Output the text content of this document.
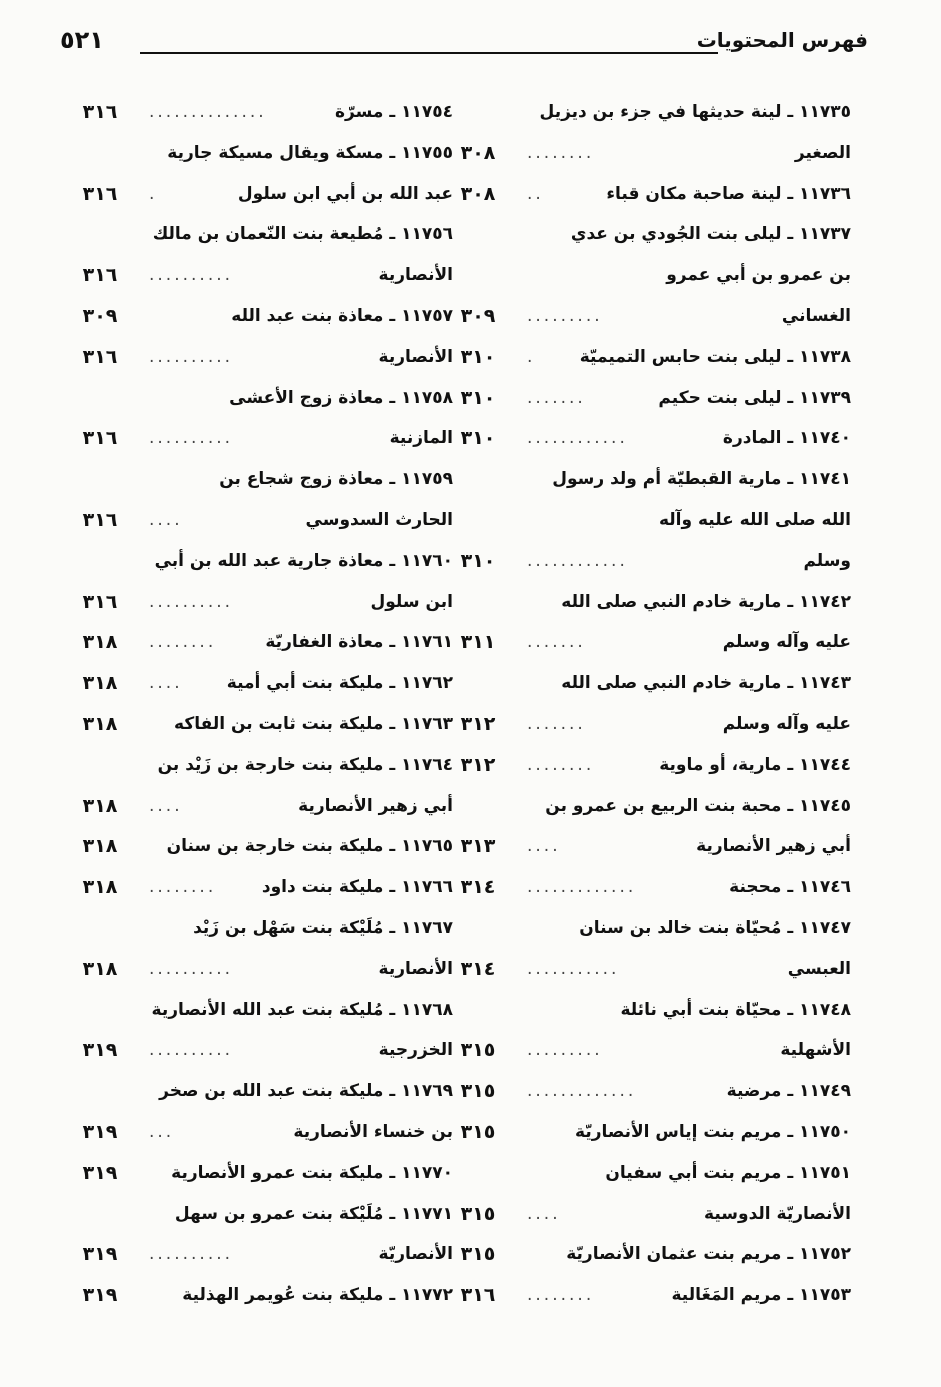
فهرس المحتويات
٥٢١
١١٧٣٥ ـ لينة حديثها في جزء بن ديزيل
الصغير
........
٣٠٨
١١٧٣٦ ـ لينة صاحبة مكان قباء
..
٣٠٨
١١٧٣٧ ـ ليلى بنت الجُودي بن عدي
بن عمرو بن أبي عمرو
الغساني
.........
٣٠٩
١١٧٣٨ ـ ليلى بنت حابس التميميّة
.
٣١٠
١١٧٣٩ ـ ليلى بنت حكيم
.......
٣١٠
١١٧٤٠ ـ المادرة
............
٣١٠
١١٧٤١ ـ مارية القبطيّة أم ولد رسول
الله صلى الله عليه وآله
وسلم
............
٣١٠
١١٧٤٢ ـ مارية خادم النبي صلى الله
عليه وآله وسلم
.......
٣١١
١١٧٤٣ ـ مارية خادم النبي صلى الله
عليه وآله وسلم
.......
٣١٢
١١٧٤٤ ـ مارية، أو ماوية
........
٣١٢
١١٧٤٥ ـ محبة بنت الربيع بن عمرو بن
أبي زهير الأنصارية
....
٣١٣
١١٧٤٦ ـ محجنة
.............
٣١٤
١١٧٤٧ ـ مُحيّاة بنت خالد بن سنان
العبسي
...........
٣١٤
١١٧٤٨ ـ محيّاة بنت أبي نائلة
الأشهلية
.........
٣١٥
١١٧٤٩ ـ مرضية
.............
٣١٥
١١٧٥٠ ـ مريم بنت إياس الأنصاريّة
٣١٥
١١٧٥١ ـ مريم بنت أبي سفيان
الأنصاريّة الدوسية
....
٣١٥
١١٧٥٢ ـ مريم بنت عثمان الأنصاريّة
٣١٥
١١٧٥٣ ـ مريم المَغَالية
........
٣١٦
١١٧٥٤ ـ مسرّة
..............
٣١٦
١١٧٥٥ ـ مسكة ويقال مسيكة جارية
عبد الله بن أبي ابن سلول
.
٣١٦
١١٧٥٦ ـ مُطيعة بنت النّعمان بن مالك
الأنصارية
..........
٣١٦
١١٧٥٧ ـ معاذة بنت عبد الله
٣٠٩
الأنصارية
..........
٣١٦
١١٧٥٨ ـ معاذة زوج الأعشى
المازنية
..........
٣١٦
١١٧٥٩ ـ معاذة زوج شجاع بن
الحارث السدوسي
....
٣١٦
١١٧٦٠ ـ معاذة جارية عبد الله بن أبي
ابن سلول
..........
٣١٦
١١٧٦١ ـ معاذة الغفاريّة
........
٣١٨
١١٧٦٢ ـ مليكة بنت أبي أمية
....
٣١٨
١١٧٦٣ ـ مليكة بنت ثابت بن الفاكه
٣١٨
١١٧٦٤ ـ مليكة بنت خارجة بن زَيْد بن
أبي زهير الأنصارية
....
٣١٨
١١٧٦٥ ـ مليكة بنت خارجة بن سنان
٣١٨
١١٧٦٦ ـ مليكة بنت داود
........
٣١٨
١١٧٦٧ ـ مُلَيْكة بنت سَهْل بن زَيْد
الأنصارية
..........
٣١٨
١١٧٦٨ ـ مُليكة بنت عبد الله الأنصارية
الخزرجية
..........
٣١٩
١١٧٦٩ ـ مليكة بنت عبد الله بن صخر
بن خنساء الأنصارية
...
٣١٩
١١٧٧٠ ـ مليكة بنت عمرو الأنصارية
٣١٩
١١٧٧١ ـ مُلَيْكة بنت عمرو بن سهل
الأنصاريّة
..........
٣١٩
١١٧٧٢ ـ مليكة بنت عُويمر الهذلية
٣١٩
